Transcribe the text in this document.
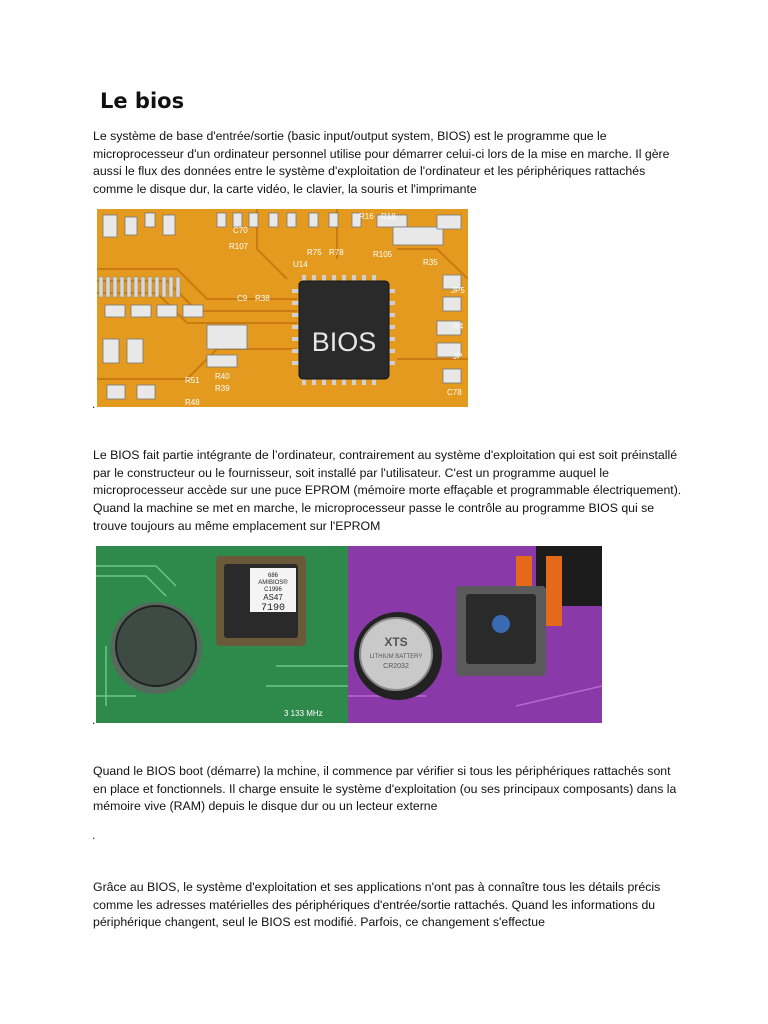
Le bios

Le système de base d'entrée/sortie (basic input/output system, BIOS) est le programme que le microprocesseur d'un ordinateur personnel utilise pour démarrer celui-ci lors de la mise en marche. Il gère aussi le flux des données entre le système d'exploitation de l'ordinateur et les périphériques rattachés comme le disque dur, la carte vidéo, le clavier, la souris et l'imprimante

BIOS
R107
R75 R78
R16 R18
R105
R35
U14
C70
C9 R38
R51 R40
R39
R48
C78
R4
JP5
JP
.

Le BIOS fait partie intégrante de l’ordinateur, contrairement au système d'exploitation qui est soit préinstallé par le constructeur ou le fournisseur, soit installé par l'utilisateur. C'est un programme auquel le microprocesseur accède sur une puce EPROM (mémoire morte effaçable et programmable électriquement). Quand la machine se met en marche, le microprocesseur passe le contrôle au programme BIOS qui se trouve toujours au même emplacement sur l'EPROM

686
AMIBIOS®
C1996
AS47
7190
3 133 MHz
XTS
LITHIUM BATTERY
CR2032
.

Quand le BIOS boot (démarre) la mchine, il commence par vérifier si tous les périphériques rattachés sont en place et fonctionnels. Il charge ensuite le système d'exploitation (ou ses principaux composants) dans la mémoire vive (RAM) depuis le disque dur ou un lecteur externe

.

Grâce au BIOS, le système d'exploitation et ses applications n'ont pas à connaître tous les détails précis comme les adresses matérielles des périphériques d'entrée/sortie rattachés. Quand les informations du périphérique changent, seul le BIOS est modifié. Parfois, ce changement s'effectue
